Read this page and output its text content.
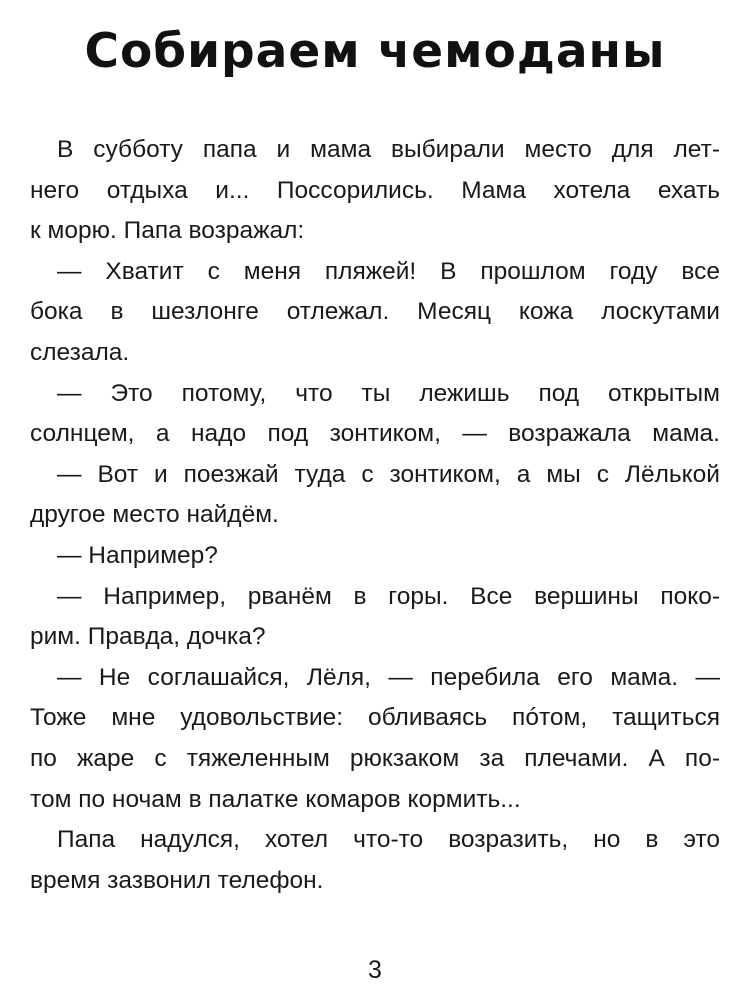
Собираем чемоданы
В субботу папа и мама выбирали место для лет-
него отдыха и... Поссорились. Мама хотела ехать
к морю. Папа возражал:
— Хватит с меня пляжей! В прошлом году все
бока в шезлонге отлежал. Месяц кожа лоскутами
слезала.
— Это потому, что ты лежишь под открытым
солнцем, а надо под зонтиком, — возражала мама.
— Вот и поезжай туда с зонтиком, а мы с Лёлькой
другое место найдём.
— Например?
— Например, рванём в горы. Все вершины поко-
рим. Правда, дочка?
— Не соглашайся, Лёля, — перебила его мама. —
Тоже мне удовольствие: обливаясь пóтом, тащиться
по жаре с тяжеленным рюкзаком за плечами. А по-
том по ночам в палатке комаров кормить...
Папа надулся, хотел что-то возразить, но в это
время зазвонил телефон.
3
